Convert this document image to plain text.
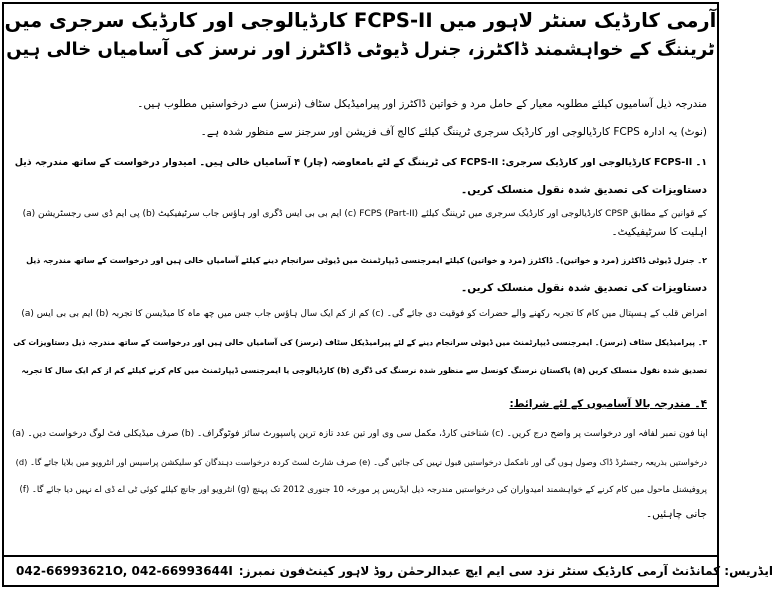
آرمی کارڈیک سنٹر لاہور میں FCPS-II کارڈیالوجی اور کارڈیک سرجری میں
ٹریننگ کے خواہشمند ڈاکٹرز، جنرل ڈیوٹی ڈاکٹرز اور نرسز کی آسامیاں خالی ہیں
مندرجہ ذیل آسامیوں کیلئے مطلوبہ معیار کے حامل مرد و خواتین ڈاکٹرز اور پیرامیڈیکل سٹاف (نرسز) سے درخواستیں مطلوب ہیں۔
(نوٹ) یہ ادارہ FCPS کارڈیالوجی اور کارڈیک سرجری ٹریننگ کیلئے کالج آف فزیشن اور سرجنز سے منظور شدہ ہے۔
۱۔ FCPS-II کارڈیالوجی اور کارڈیک سرجری: FCPS-II کی ٹریننگ کے لئے بامعاوضہ (چار) ۴ آسامیاں خالی ہیں۔ امیدوار درخواست کے ساتھ مندرجہ ذیل
دستاویزات کی تصدیق شدہ نقول منسلک کریں۔
(a) پی ایم ڈی سی رجسٹریشن (b) ایم بی بی ایس ڈگری اور ہاؤس جاب سرٹیفیکیٹ (c) FCPS (Part-II) کارڈیالوجی اور کارڈیک سرجری میں ٹریننگ کیلئے CPSP کے قوانین کے مطابق
اہلیت کا سرٹیفیکیٹ۔
۲۔ جنرل ڈیوٹی ڈاکٹرز (مرد و خواتین)۔ ڈاکٹرز (مرد و خواتین) کیلئے ایمرجنسی ڈیپارٹمنٹ میں ڈیوٹی سرانجام دینے کیلئے آسامیاں خالی ہیں اور درخواست کے ساتھ مندرجہ ذیل
دستاویزات کی تصدیق شدہ نقول منسلک کریں۔
(a) ایم بی بی ایس (b) کم از کم ایک سال ہاؤس جاب جس میں چھ ماہ کا میڈیسن کا تجربہ (c) امراض قلب کے ہسپتال میں کام کا تجربہ رکھنے والے حضرات کو فوقیت دی جائے گی۔
۳۔ پیرامیڈیکل سٹاف (نرسز)۔ ایمرجنسی ڈیپارٹمنٹ میں ڈیوٹی سرانجام دینے کے لئے پیرامیڈیکل سٹاف (نرسز) کی آسامیاں خالی ہیں اور درخواست کے ساتھ مندرجہ ذیل دستاویزات کی
تصدیق شدہ نقول منسلک کریں (a) پاکستان نرسنگ کونسل سے منظور شدہ نرسنگ کی ڈگری (b) کارڈیالوجی یا ایمرجنسی ڈیپارٹمنٹ میں کام کرنے کیلئے کم از کم ایک سال کا تجربہ
۴۔ مندرجہ بالا آسامیوں کے لئے شرائط:
(a) صرف میڈیکلی فٹ لوگ درخواست دیں۔ (b) شناختی کارڈ، مکمل سی وی اور تین عدد تازہ ترین پاسپورٹ سائز فوٹوگراف۔ (c) اپنا فون نمبر لفافہ اور درخواست پر واضح درج کریں۔
(d) صرف شارٹ لسٹ کردہ درخواست دہندگان کو سلیکشن پراسیس اور انٹرویو میں بلایا جائے گا۔ (e) درخواستیں بذریعہ رجسٹرڈ ڈاک وصول ہوں گی اور نامکمل درخواستیں قبول نہیں کی جائیں گی۔
(f) انٹرویو اور جانچ کیلئے کوئی ٹی اے ڈی اے نہیں دیا جائے گا۔ (g) پروفیشنل ماحول میں کام کرنے کے خواہشمند امیدواران کی درخواستیں مندرجہ ذیل ایڈریس پر مورخہ 10 جنوری 2012 تک پہنچ
جانی چاہئیں۔
042-66993621O, 042-66993644I فون نمبرز: ایڈریس: کمانڈنٹ آرمی کارڈیک سنٹر نزد سی ایم ایچ عبدالرحمٰن روڈ لاہور کینٹ
